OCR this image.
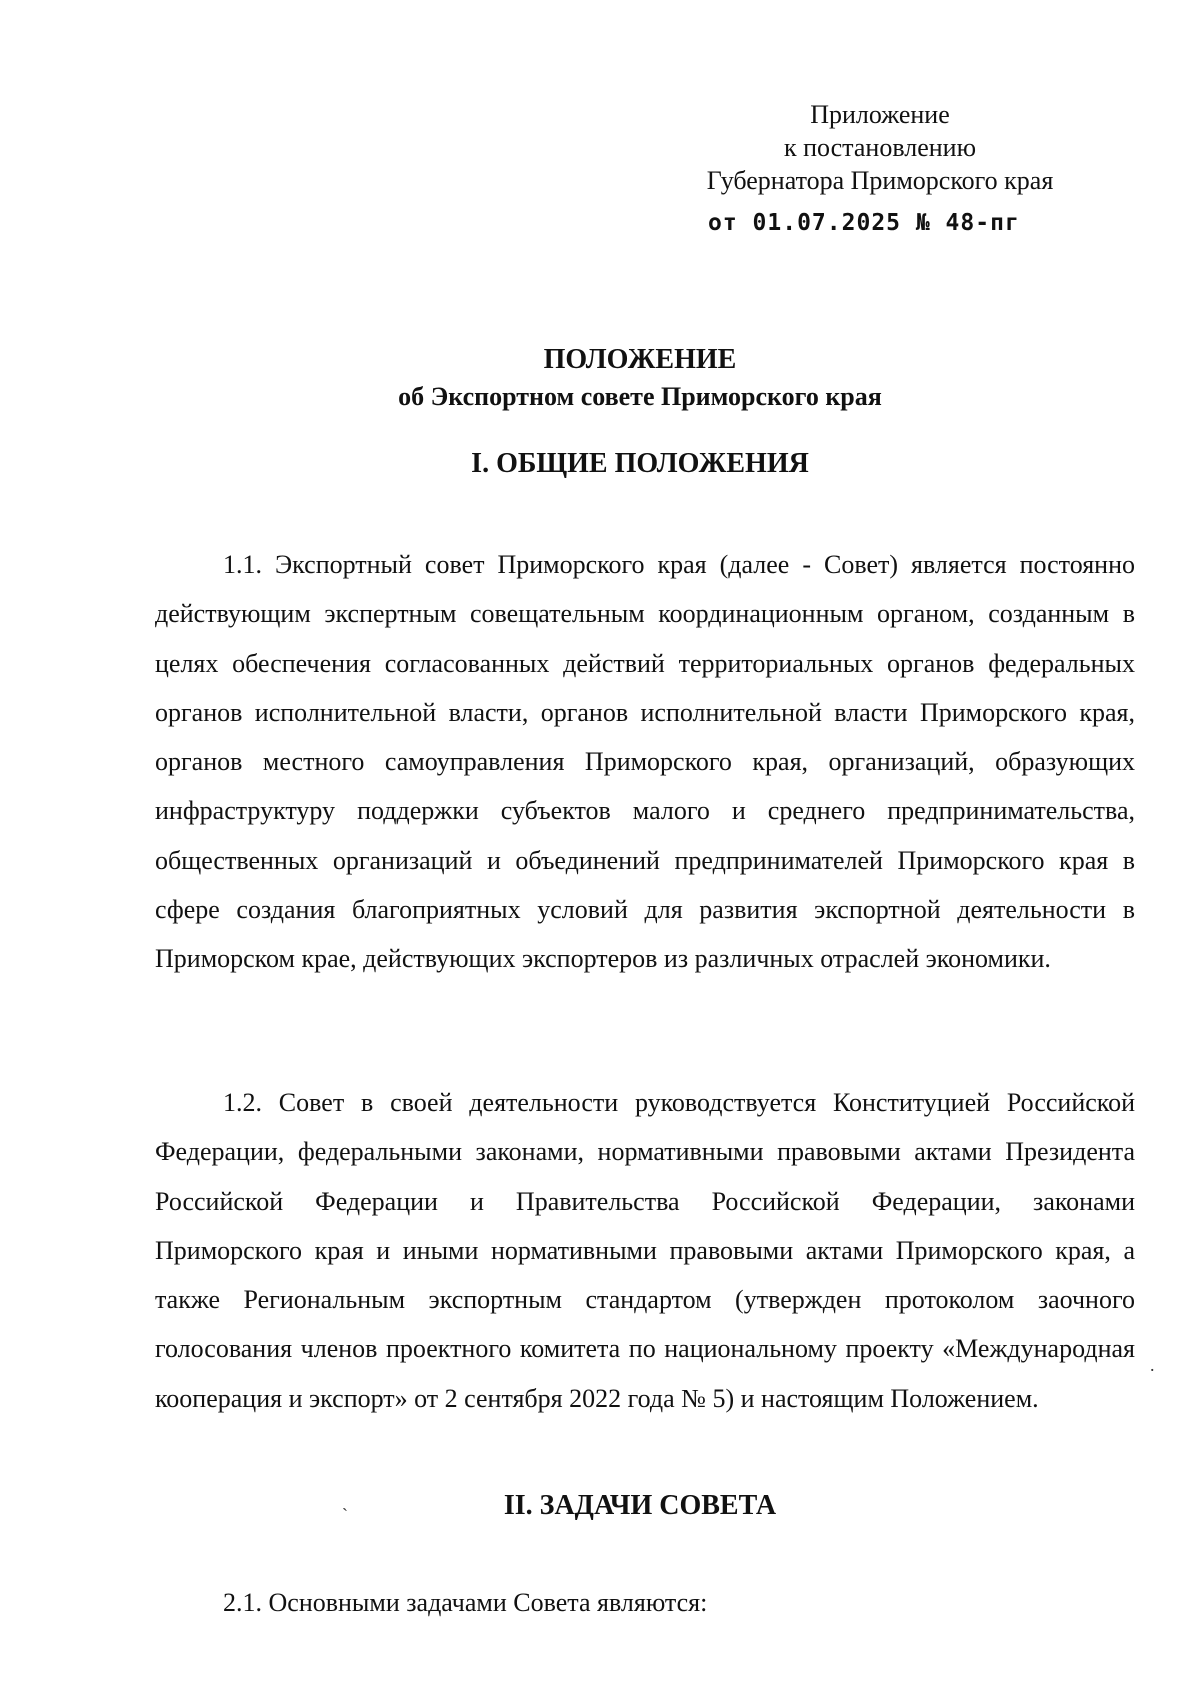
Приложение
к постановлению
Губернатора Приморского края
от 01.07.2025 № 48-пг
ПОЛОЖЕНИЕ
об Экспортном совете Приморского края
I. ОБЩИЕ ПОЛОЖЕНИЯ

1.1. Экспортный совет Приморского края (далее - Совет) является постоянно действующим экспертным совещательным координационным органом, созданным в целях обеспечения согласованных действий территориальных органов федеральных органов исполнительной власти, органов исполнительной власти Приморского края, органов местного самоуправления Приморского края, организаций, образующих инфраструктуру поддержки субъектов малого и среднего предпринимательства, общественных организаций и объединений предпринимателей Приморского края в сфере создания благоприятных условий для развития экспортной деятельности в Приморском крае, действующих экспортеров из различных отраслей экономики.

1.2. Совет в своей деятельности руководствуется Конституцией Российской Федерации, федеральными законами, нормативными правовыми актами Президента Российской Федерации и Правительства Российской Федерации, законами Приморского края и иными нормативными правовыми актами Приморского края, а также Региональным экспортным стандартом (утвержден протоколом заочного голосования членов проектного комитета по национальному проекту «Международная кооперация и экспорт» от 2 сентября 2022 года № 5) и настоящим Положением.

.
II. ЗАДАЧИ СОВЕТА
ˏ

2.1. Основными задачами Совета являются:
